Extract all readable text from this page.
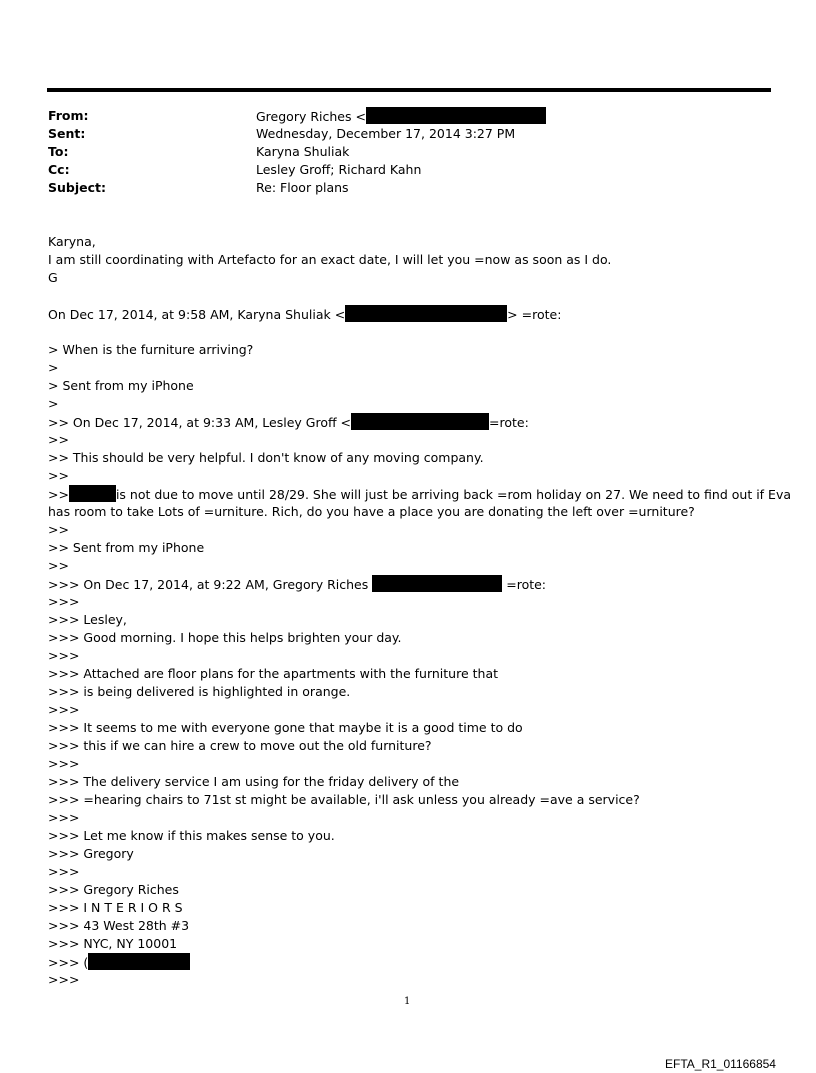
From:	Gregory Riches <
Sent:	Wednesday, December 17, 2014 3:27 PM
To:	Karyna Shuliak
Cc:	Lesley Groff; Richard Kahn
Subject:	Re: Floor plans
Karyna,
I am still coordinating with Artefacto for an exact date, I will let you =now as soon as I do.
G
On Dec 17, 2014, at 9:58 AM, Karyna Shuliak <	> =rote:
> When is the furniture arriving?
>
> Sent from my iPhone
>
>> On Dec 17, 2014, at 9:33 AM, Lesley Groff <	=rote:
>>
>> This should be very helpful. I don't know of any moving company.
>>
>>	is not due to move until 28/29. She will just be arriving back =rom holiday on 27. We need to find out if Eva
has room to take Lots of =urniture. Rich, do you have a place you are donating the left over =urniture?
>>
>> Sent from my iPhone
>>
>>> On Dec 17, 2014, at 9:22 AM, Gregory Riches	=rote:
>>>
>>> Lesley,
>>> Good morning. I hope this helps brighten your day.
>>>
>>> Attached are floor plans for the apartments with the furniture that
>>> is being delivered is highlighted in orange.
>>>
>>> It seems to me with everyone gone that maybe it is a good time to do
>>> this if we can hire a crew to move out the old furniture?
>>>
>>> The delivery service I am using for the friday delivery of the
>>> =hearing chairs to 71st st might be available, i'll ask unless you already =ave a service?
>>>
>>> Let me know if this makes sense to you.
>>> Gregory
>>>
>>> Gregory Riches
>>> I N T E R I O R S
>>> 43 West 28th #3
>>> NYC, NY 10001
>>> (
>>>
1
EFTA_R1_01166854
